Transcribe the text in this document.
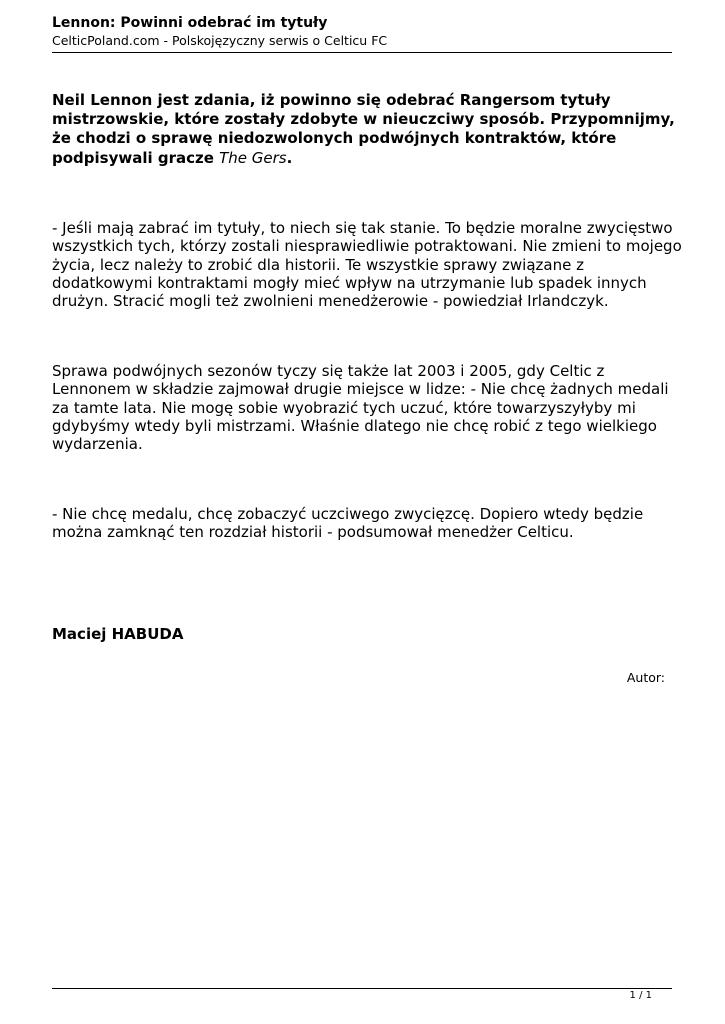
Lennon: Powinni odebrać im tytuły

CelticPoland.com - Polskojęzyczny serwis o Celticu FC

Neil Lennon jest zdania, iż powinno się odebrać Rangersom tytuły mistrzowskie, które zostały zdobyte w nieuczciwy sposób. Przypomnijmy, że chodzi o sprawę niedozwolonych podwójnych kontraktów, które podpisywali gracze The Gers.

- Jeśli mają zabrać im tytuły, to niech się tak stanie. To będzie moralne zwycięstwo wszystkich tych, którzy zostali niesprawiedliwie potraktowani. Nie zmieni to mojego życia, lecz należy to zrobić dla historii. Te wszystkie sprawy związane z dodatkowymi kontraktami mogły mieć wpływ na utrzymanie lub spadek innych drużyn. Stracić mogli też zwolnieni menedżerowie - powiedział Irlandczyk.

Sprawa podwójnych sezonów tyczy się także lat 2003 i 2005, gdy Celtic z Lennonem w składzie zajmował drugie miejsce w lidze: - Nie chcę żadnych medali za tamte lata. Nie mogę sobie wyobrazić tych uczuć, które towarzyszyłyby mi gdybyśmy wtedy byli mistrzami. Właśnie dlatego nie chcę robić z tego wielkiego wydarzenia.

- Nie chcę medalu, chcę zobaczyć uczciwego zwycięzcę. Dopiero wtedy będzie można zamknąć ten rozdział historii - podsumował menedżer Celticu.

Maciej HABUDA

Autor:
1 / 1
